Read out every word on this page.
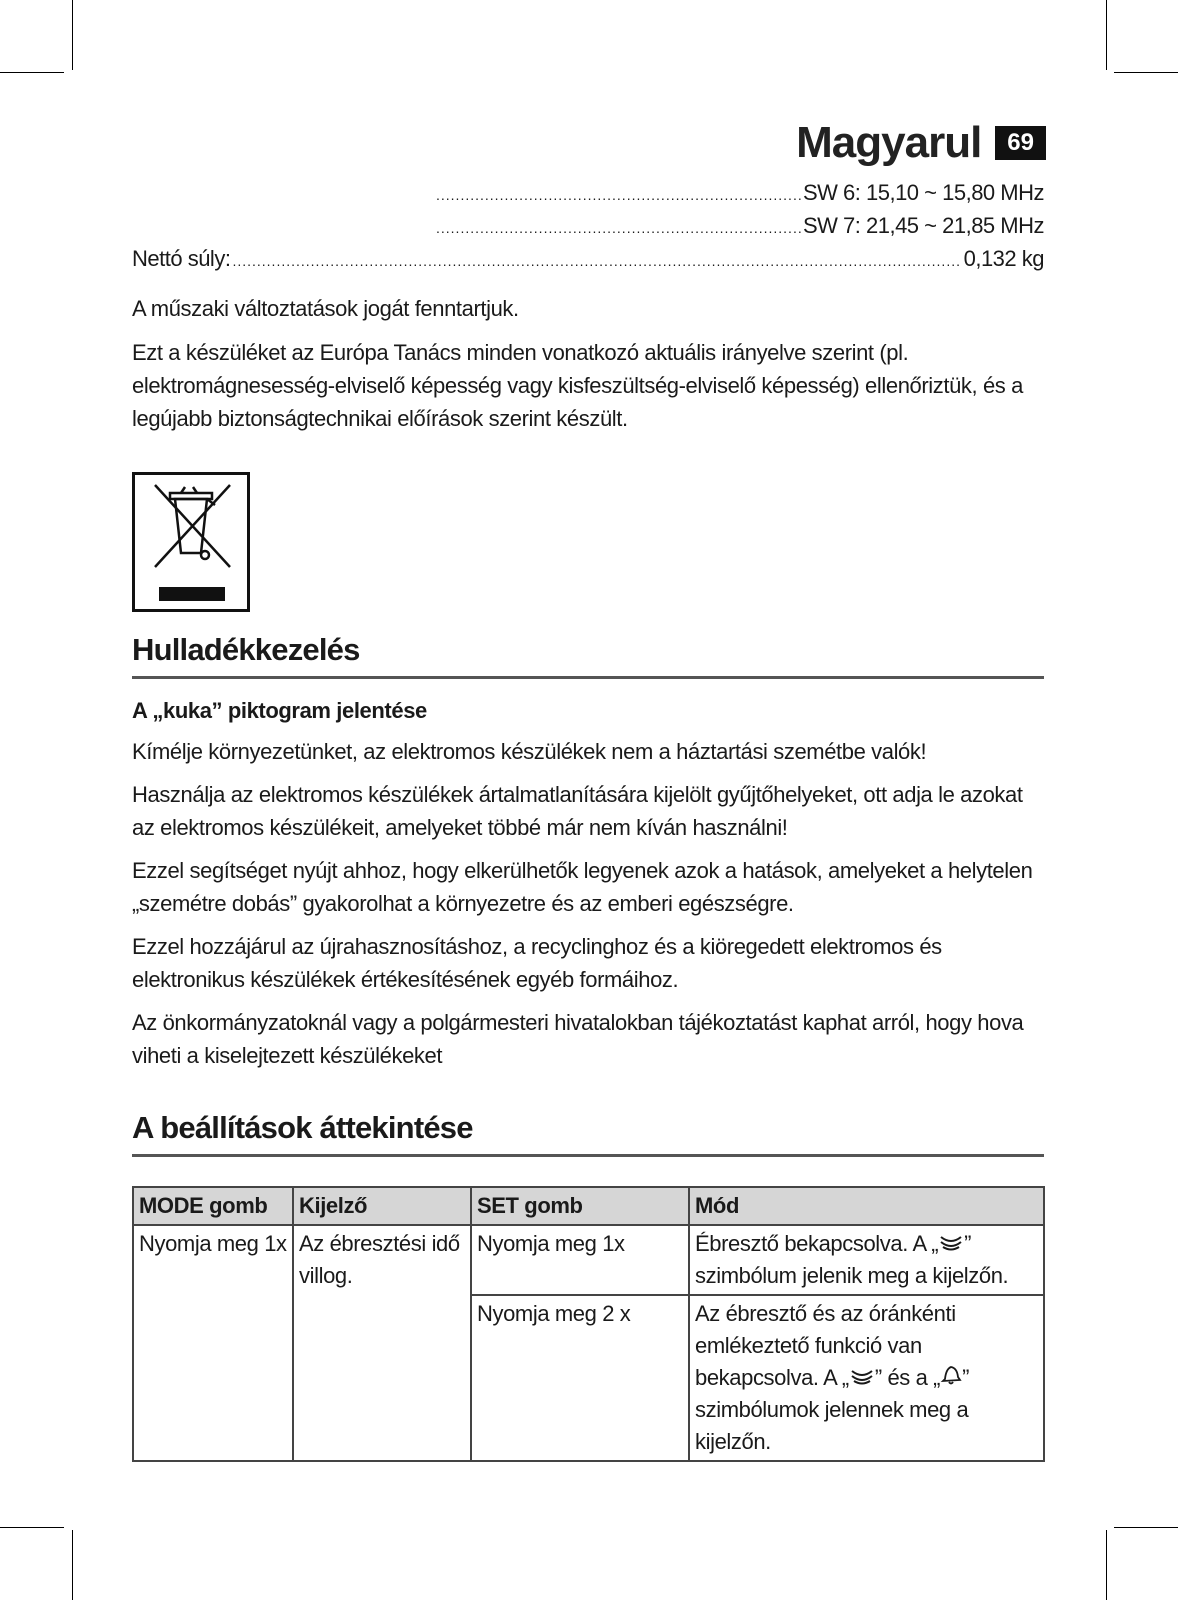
Magyarul	69
.....
SW 6: 15,10 ~ 15,80 MHz
.....
SW 7: 21,45 ~ 21,85 MHz
Nettó súly: .....	0,132 kg

A műszaki változtatások jogát fenntartjuk.

Ezt a készüléket az Európa Tanács minden vonatkozó aktuális irányelve szerint (pl. elektromágnesesség-elviselő képesség vagy kisfeszültség-elviselő képesség) ellenőriztük, és a legújabb biztonságtechnikai előírások szerint készült.

Hulladékkezelés
A „kuka” piktogram jelentése

Kímélje környezetünket, az elektromos készülékek nem a háztartási szemétbe valók!

Használja az elektromos készülékek ártalmatlanítására kijelölt gyűjtőhelyeket, ott adja le azokat az elektromos készülékeit, amelyeket többé már nem kíván használni!

Ezzel segítséget nyújt ahhoz, hogy elkerülhetők legyenek azok a hatások, amelyeket a helytelen „szemétre dobás” gyakorolhat a környezetre és az emberi egészségre.

Ezzel hozzájárul az újrahasznosításhoz, a recyclinghoz és a kiöregedett elektromos és elektronikus készülékek értékesítésének egyéb formáihoz.

Az önkormányzatoknál vagy a polgármesteri hivatalokban tájékoztatást kaphat arról, hogy hova viheti a kiselejtezett készülékeket

A beállítások áttekintése
MODE gomb	Kijelző	SET gomb	Mód
Nyomja meg 1x	Az ébresztési idő villog.	Nyomja meg 1x	Ébresztő bekapcsolva. A „ ” szimbólum jelenik meg a kijelzőn.
		Nyomja meg 2 x	Az ébresztő és az óránkénti emlékeztető funkció van bekapcsolva. A „ ” és a „ ” szimbólumok jelennek meg a kijelzőn.
